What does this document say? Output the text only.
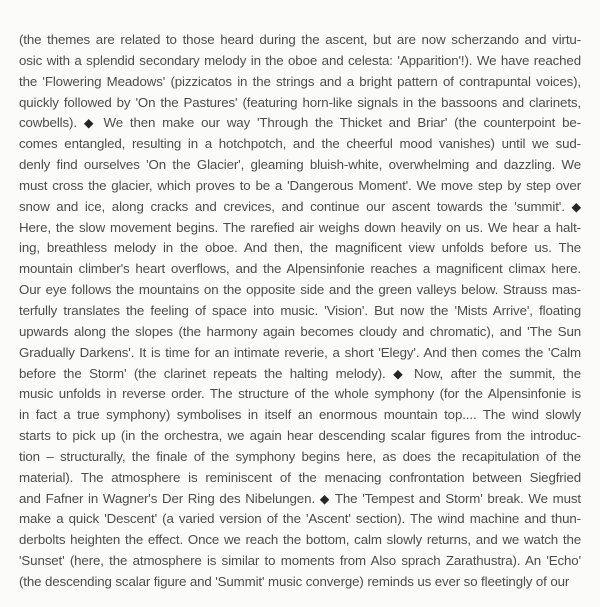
(the themes are related to those heard during the ascent, but are now scherzando and virtu-
osic with a splendid secondary melody in the oboe and celesta: 'Apparition'!). We have reached
the 'Flowering Meadows' (pizzicatos in the strings and a bright pattern of contrapuntal voices),
quickly followed by 'On the Pastures' (featuring horn-like signals in the bassoons and clarinets,
cowbells). ◆ We then make our way 'Through the Thicket and Briar' (the counterpoint be-
comes entangled, resulting in a hotchpotch, and the cheerful mood vanishes) until we sud-
denly find ourselves 'On the Glacier', gleaming bluish-white, overwhelming and dazzling. We
must cross the glacier, which proves to be a 'Dangerous Moment'. We move step by step over
snow and ice, along cracks and crevices, and continue our ascent towards the 'summit'. ◆
Here, the slow movement begins. The rarefied air weighs down heavily on us. We hear a halt-
ing, breathless melody in the oboe. And then, the magnificent view unfolds before us. The
mountain climber's heart overflows, and the Alpensinfonie reaches a magnificent climax here.
Our eye follows the mountains on the opposite side and the green valleys below. Strauss mas-
terfully translates the feeling of space into music. 'Vision'. But now the 'Mists Arrive', floating
upwards along the slopes (the harmony again becomes cloudy and chromatic), and 'The Sun
Gradually Darkens'. It is time for an intimate reverie, a short 'Elegy'. And then comes the 'Calm
before the Storm' (the clarinet repeats the halting melody). ◆ Now, after the summit, the
music unfolds in reverse order. The structure of the whole symphony (for the Alpensinfonie is
in fact a true symphony) symbolises in itself an enormous mountain top.... The wind slowly
starts to pick up (in the orchestra, we again hear descending scalar figures from the introduc-
tion – structurally, the finale of the symphony begins here, as does the recapitulation of the
material). The atmosphere is reminiscent of the menacing confrontation between Siegfried
and Fafner in Wagner's Der Ring des Nibelungen. ◆ The 'Tempest and Storm' break. We must
make a quick 'Descent' (a varied version of the 'Ascent' section). The wind machine and thun-
derbolts heighten the effect. Once we reach the bottom, calm slowly returns, and we watch the
'Sunset' (here, the atmosphere is similar to moments from Also sprach Zarathustra). An 'Echo'
(the descending scalar figure and 'Summit' music converge) reminds us ever so fleetingly of our
